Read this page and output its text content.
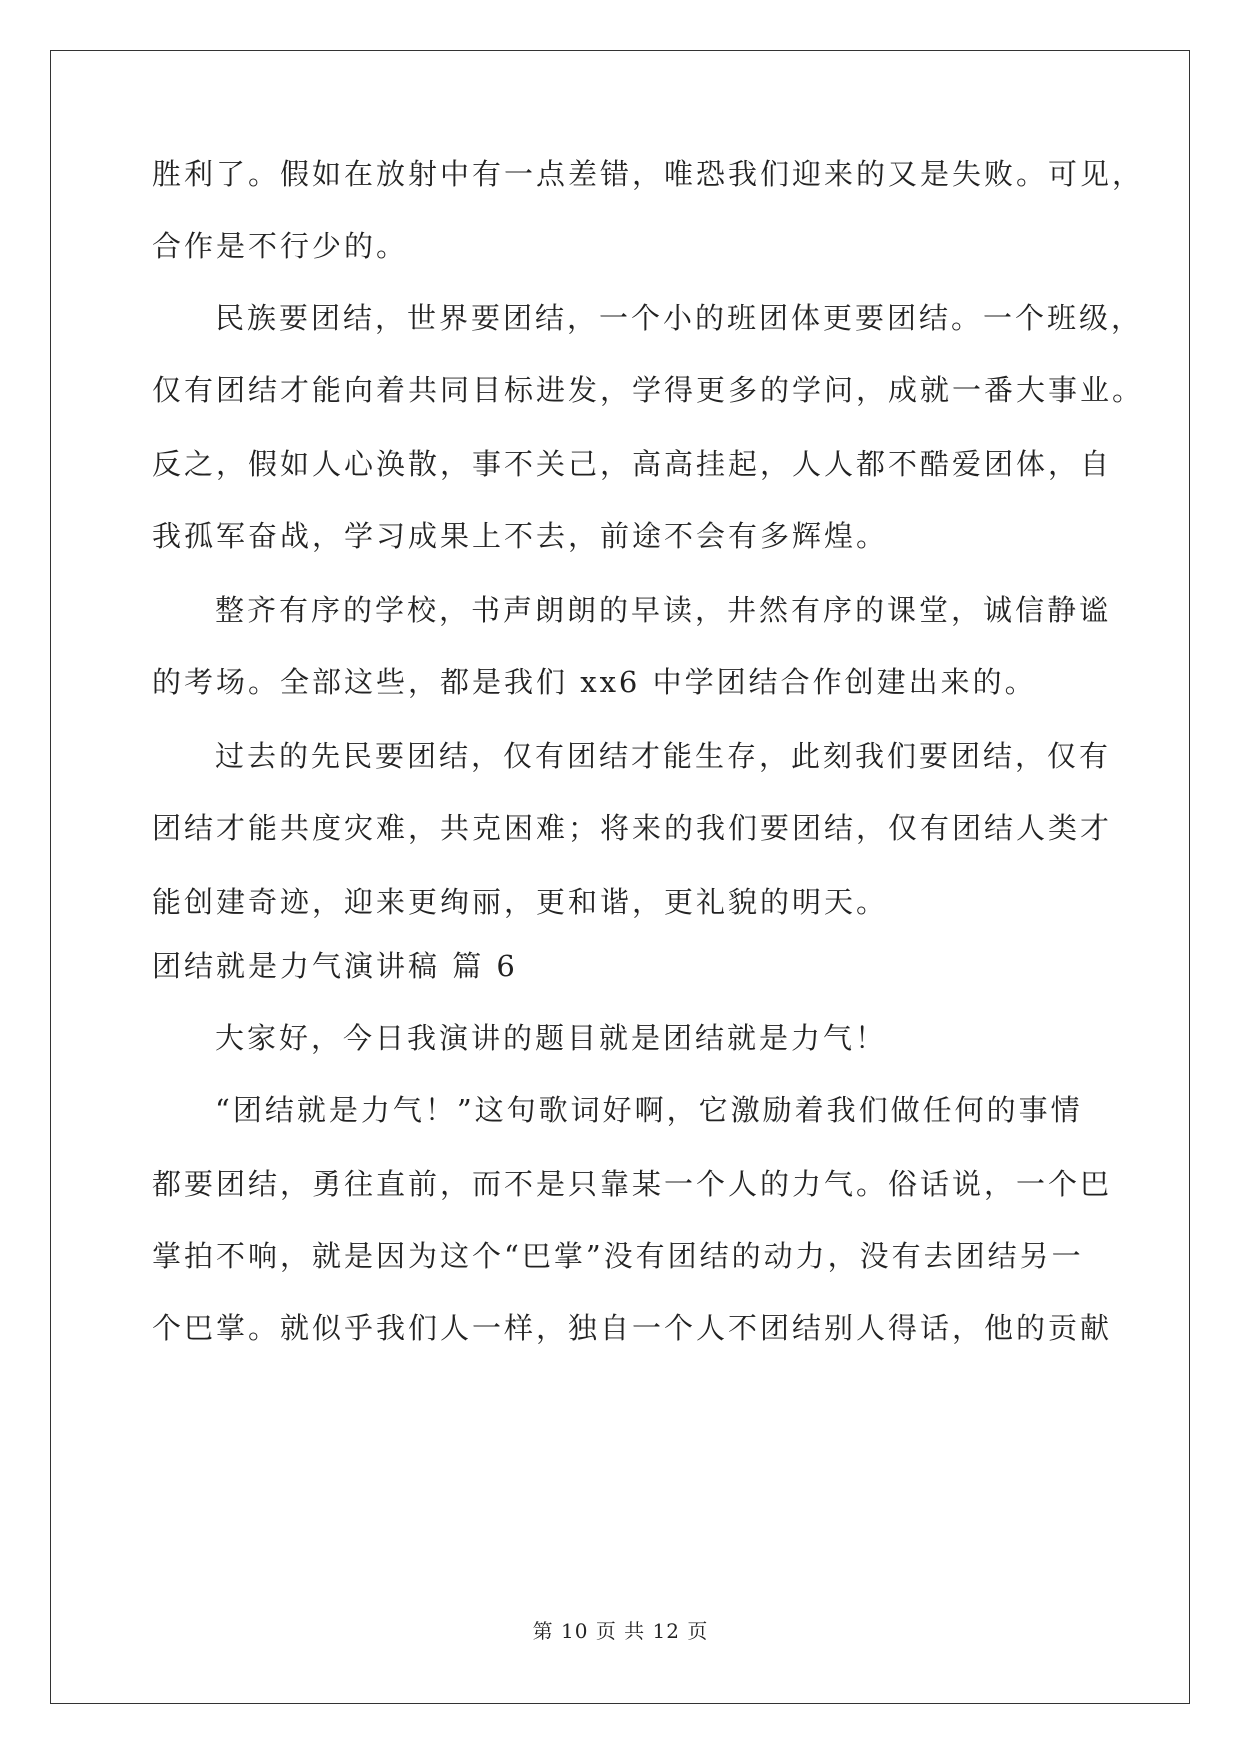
胜利了。假如在放射中有一点差错，唯恐我们迎来的又是失败。可见，
合作是不行少的。
民族要团结，世界要团结，一个小的班团体更要团结。一个班级，
仅有团结才能向着共同目标进发，学得更多的学问，成就一番大事业。
反之，假如人心涣散，事不关己，高高挂起，人人都不酷爱团体，自
我孤军奋战，学习成果上不去，前途不会有多辉煌。
整齐有序的学校，书声朗朗的早读，井然有序的课堂，诚信静谧
的考场。全部这些，都是我们 xx6 中学团结合作创建出来的。
过去的先民要团结，仅有团结才能生存，此刻我们要团结，仅有
团结才能共度灾难，共克困难；将来的我们要团结，仅有团结人类才
能创建奇迹，迎来更绚丽，更和谐，更礼貌的明天。
团结就是力气演讲稿 篇 6
大家好，今日我演讲的题目就是团结就是力气！
“团结就是力气！”这句歌词好啊，它激励着我们做任何的事情
都要团结，勇往直前，而不是只靠某一个人的力气。俗话说，一个巴
掌拍不响，就是因为这个“巴掌”没有团结的动力，没有去团结另一
个巴掌。就似乎我们人一样，独自一个人不团结别人得话，他的贡献
第 10 页 共 12 页
